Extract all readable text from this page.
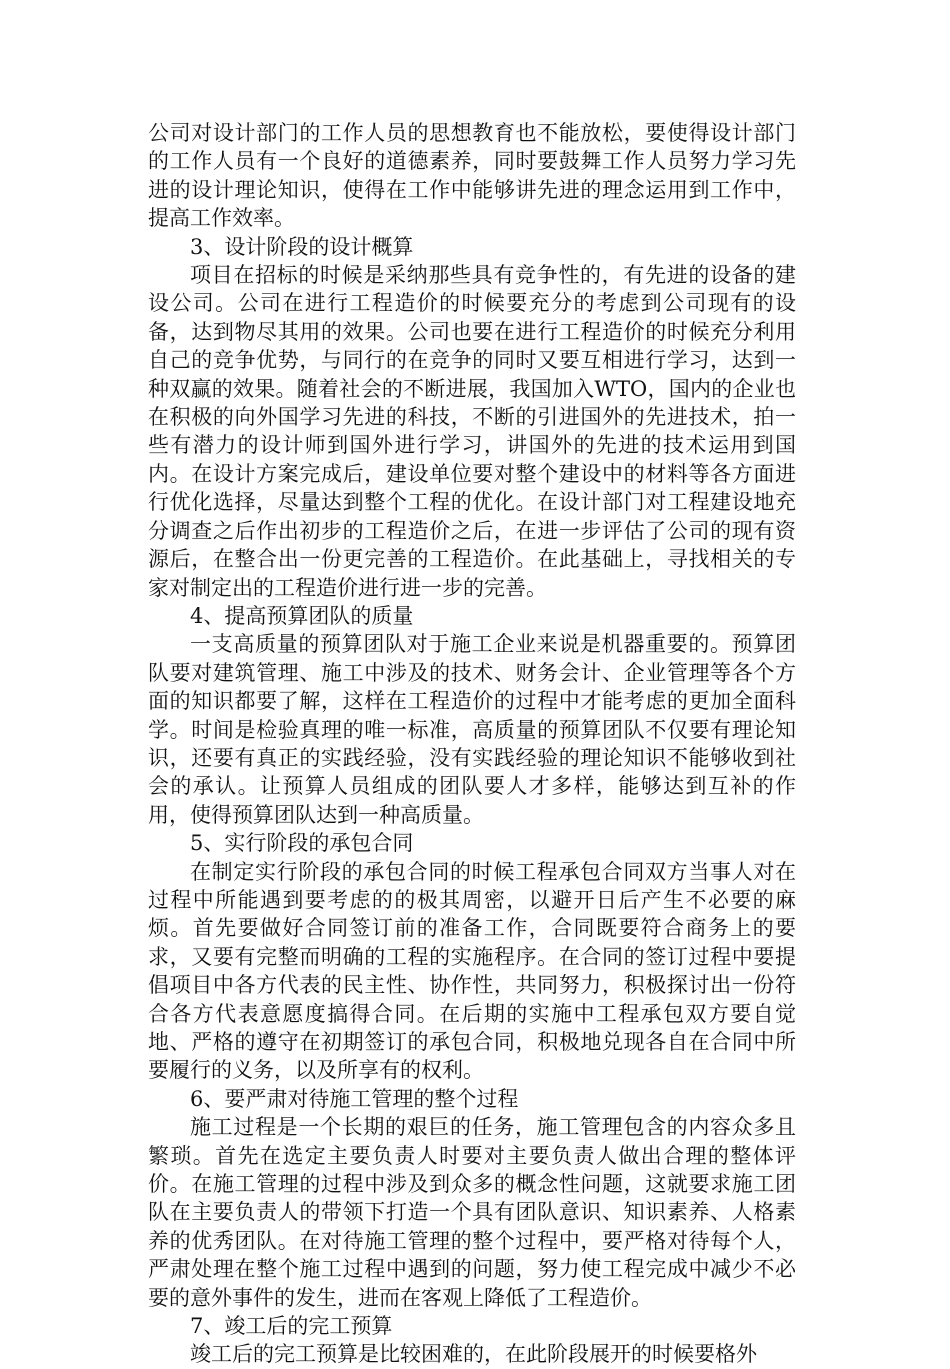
公司对设计部门的工作人员的思想教育也不能放松，要使得设计部门的工作人员有一个良好的道德素养，同时要鼓舞工作人员努力学习先进的设计理论知识，使得在工作中能够讲先进的理念运用到工作中，提高工作效率。

3、设计阶段的设计概算

项目在招标的时候是采纳那些具有竞争性的，有先进的设备的建设公司。公司在进行工程造价的时候要充分的考虑到公司现有的设备，达到物尽其用的效果。公司也要在进行工程造价的时候充分利用自己的竞争优势，与同行的在竞争的同时又要互相进行学习，达到一种双赢的效果。随着社会的不断进展，我国加入WTO，国内的企业也在积极的向外国学习先进的科技，不断的引进国外的先进技术，拍一些有潜力的设计师到国外进行学习，讲国外的先进的技术运用到国内。在设计方案完成后，建设单位要对整个建设中的材料等各方面进行优化选择，尽量达到整个工程的优化。在设计部门对工程建设地充分调查之后作出初步的工程造价之后，在进一步评估了公司的现有资源后，在整合出一份更完善的工程造价。在此基础上，寻找相关的专家对制定出的工程造价进行进一步的完善。

4、提高预算团队的质量

一支高质量的预算团队对于施工企业来说是机器重要的。预算团队要对建筑管理、施工中涉及的技术、财务会计、企业管理等各个方面的知识都要了解，这样在工程造价的过程中才能考虑的更加全面科学。时间是检验真理的唯一标准，高质量的预算团队不仅要有理论知识，还要有真正的实践经验，没有实践经验的理论知识不能够收到社会的承认。让预算人员组成的团队要人才多样，能够达到互补的作用，使得预算团队达到一种高质量。

5、实行阶段的承包合同

在制定实行阶段的承包合同的时候工程承包合同双方当事人对在过程中所能遇到要考虑的的极其周密，以避开日后产生不必要的麻烦。首先要做好合同签订前的准备工作，合同既要符合商务上的要求，又要有完整而明确的工程的实施程序。在合同的签订过程中要提倡项目中各方代表的民主性、协作性，共同努力，积极探讨出一份符合各方代表意愿度搞得合同。在后期的实施中工程承包双方要自觉地、严格的遵守在初期签订的承包合同，积极地兑现各自在合同中所要履行的义务，以及所享有的权利。

6、要严肃对待施工管理的整个过程

施工过程是一个长期的艰巨的任务，施工管理包含的内容众多且繁琐。首先在选定主要负责人时要对主要负责人做出合理的整体评价。在施工管理的过程中涉及到众多的概念性问题，这就要求施工团队在主要负责人的带领下打造一个具有团队意识、知识素养、人格素养的优秀团队。在对待施工管理的整个过程中，要严格对待每个人，严肃处理在整个施工过程中遇到的问题，努力使工程完成中减少不必要的意外事件的发生，进而在客观上降低了工程造价。

7、竣工后的完工预算

竣工后的完工预算是比较困难的，在此阶段展开的时候要格外
